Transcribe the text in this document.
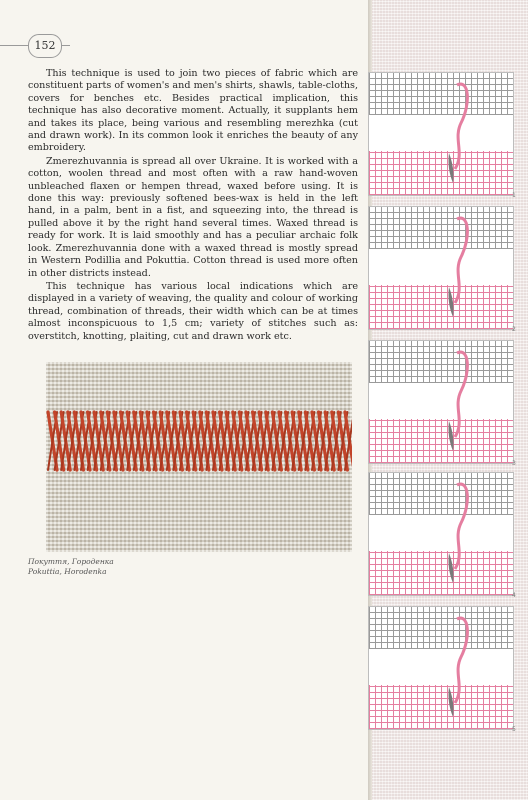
152

This technique is used to join two pieces of fabric which are constituent parts of women's and men's shirts, shawls, table-cloths, covers for benches etc. Besides practical implication, this technique has also decorative moment. Actually, it supplants hem and takes its place, being various and resembling merezhka (cut and drawn work). In its common look it enriches the beauty of any embroidery.

Zmerezhuvannia is spread all over Ukraine. It is worked with a cotton, woolen thread and most often with a raw hand-woven unbleached flaxen or hempen thread, waxed before using. It is done this way: previously softened bees-wax is held in the left hand, in a palm, bent in a fist, and squeezing into, the thread is pulled above it by the right hand several times. Waxed thread is ready for work. It is laid smoothly and has a peculiar archaic folk look. Zmerezhuvannia done with a waxed thread is mostly spread in Western Podillia and Pokuttia. Cotton thread is used more often in other districts instead.

This technique has various local indications which are displayed in a variety of weaving, the quality and colour of working thread, combination of threads, their width which can be at times almost inconspicuous to 1,5 cm; variety of stitches such as: overstitch, knotting, plaiting, cut and drawn work etc.

Покуття, Городенка
Pokuttia, Horodenka
1
2
3
4
5
